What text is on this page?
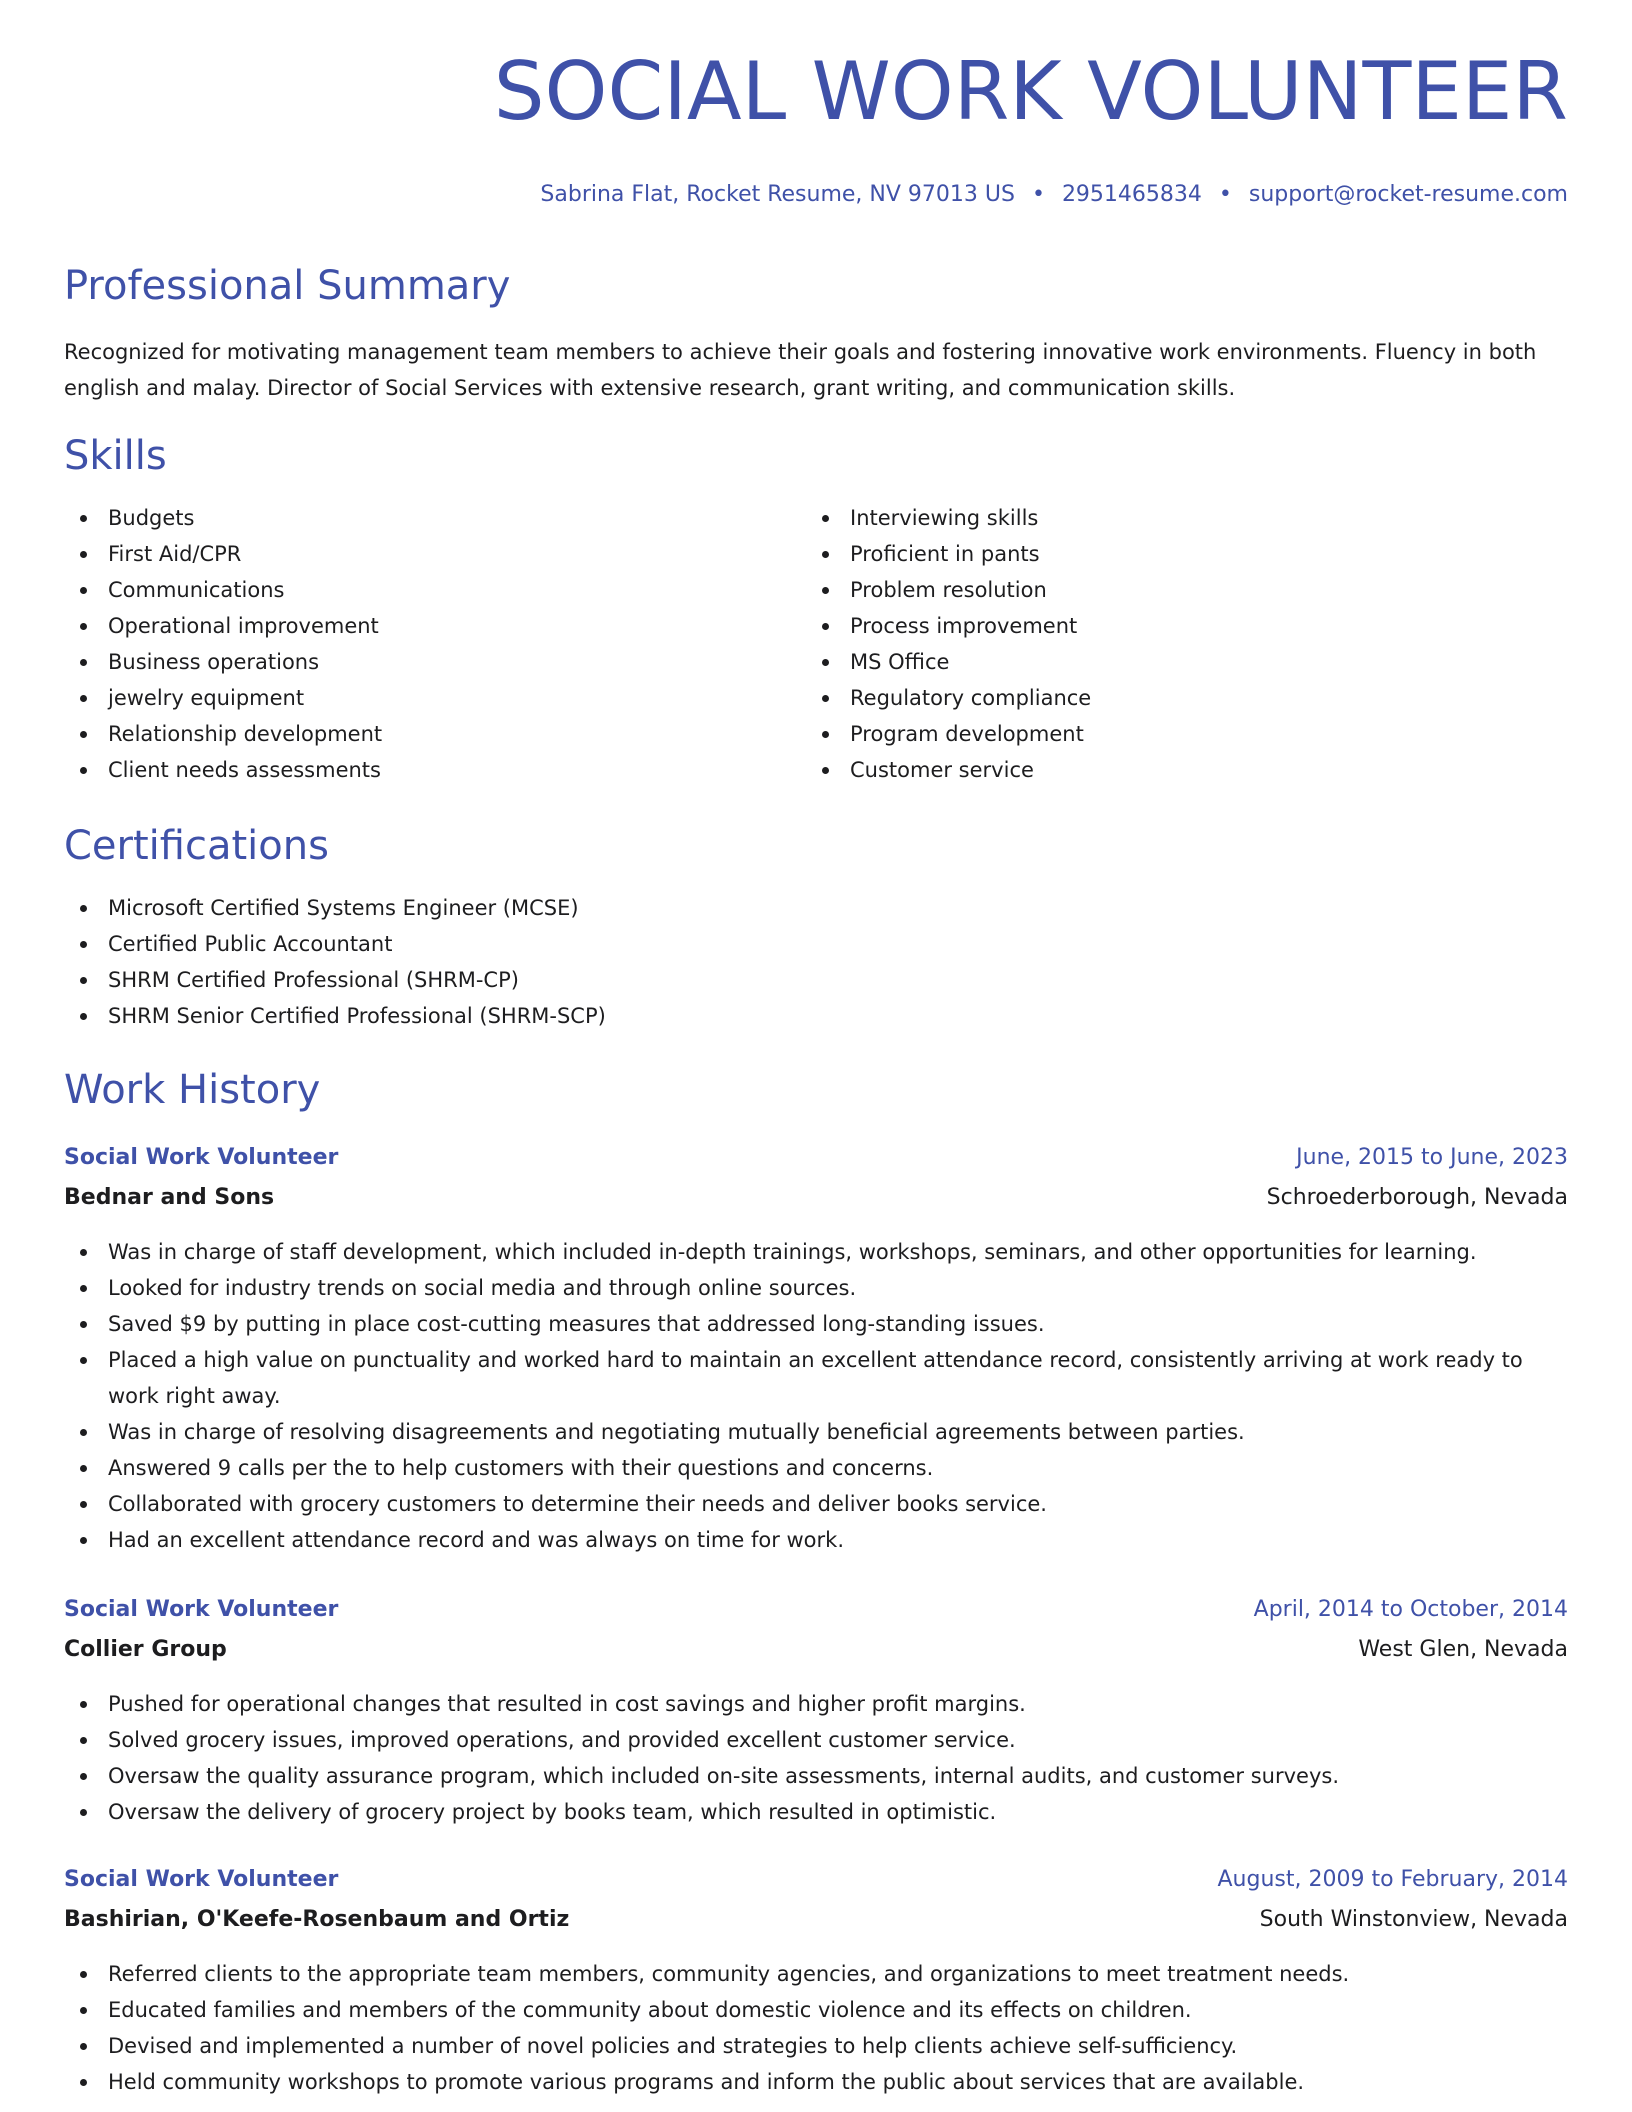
SOCIAL WORK VOLUNTEER
Sabrina Flat, Rocket Resume, NV 97013 US • 2951465834 • support@rocket-resume.com
Professional Summary

Recognized for motivating management team members to achieve their goals and fostering innovative work environments. Fluency in both english and malay. Director of Social Services with extensive research, grant writing, and communication skills.

Skills
Budgets
First Aid/CPR
Communications
Operational improvement
Business operations
jewelry equipment
Relationship development
Client needs assessments
Interviewing skills
Proficient in pants
Problem resolution
Process improvement
MS Office
Regulatory compliance
Program development
Customer service
Certifications
Microsoft Certified Systems Engineer (MCSE)
Certified Public Accountant
SHRM Certified Professional (SHRM-CP)
SHRM Senior Certified Professional (SHRM-SCP)
Work History
Social Work Volunteer	June, 2015 to June, 2023
Bednar and Sons	Schroederborough, Nevada
Was in charge of staff development, which included in-depth trainings, workshops, seminars, and other opportunities for learning.
Looked for industry trends on social media and through online sources.
Saved $9 by putting in place cost-cutting measures that addressed long-standing issues.
Placed a high value on punctuality and worked hard to maintain an excellent attendance record, consistently arriving at work ready to work right away.
Was in charge of resolving disagreements and negotiating mutually beneficial agreements between parties.
Answered 9 calls per the to help customers with their questions and concerns.
Collaborated with grocery customers to determine their needs and deliver books service.
Had an excellent attendance record and was always on time for work.
Social Work Volunteer	April, 2014 to October, 2014
Collier Group	West Glen, Nevada
Pushed for operational changes that resulted in cost savings and higher profit margins.
Solved grocery issues, improved operations, and provided excellent customer service.
Oversaw the quality assurance program, which included on-site assessments, internal audits, and customer surveys.
Oversaw the delivery of grocery project by books team, which resulted in optimistic.
Social Work Volunteer	August, 2009 to February, 2014
Bashirian, O'Keefe-Rosenbaum and Ortiz	South Winstonview, Nevada
Referred clients to the appropriate team members, community agencies, and organizations to meet treatment needs.
Educated families and members of the community about domestic violence and its effects on children.
Devised and implemented a number of novel policies and strategies to help clients achieve self-sufficiency.
Held community workshops to promote various programs and inform the public about services that are available.
